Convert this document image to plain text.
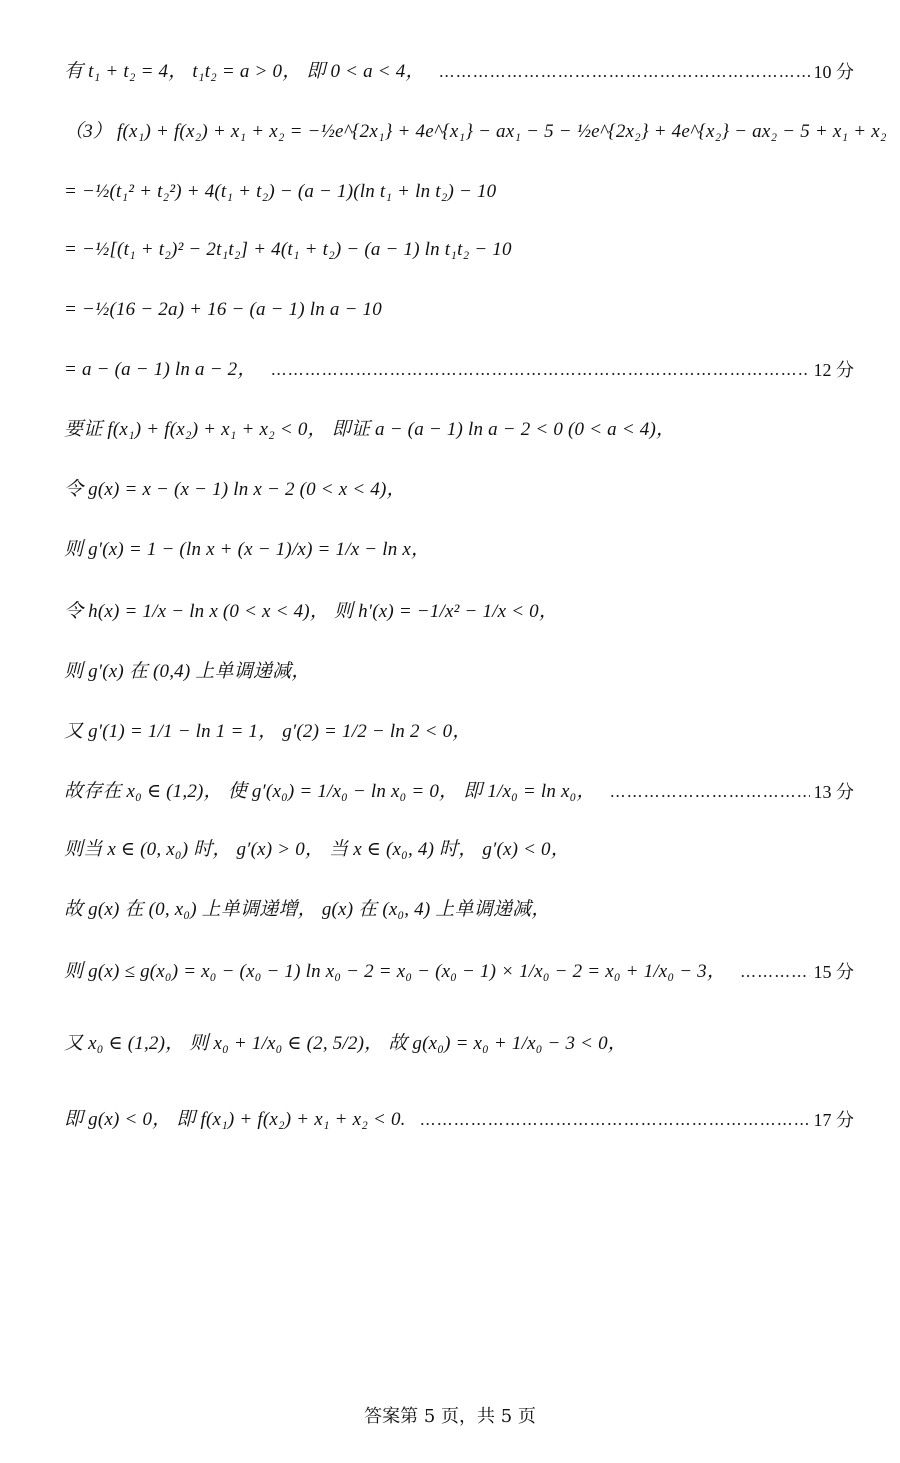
有 t₁ + t₂ = 4， t₁t₂ = a > 0， 即 0 < a < 4， ………………………………………………………………………………………………………………………………………………	10 分
（3） f(x₁) + f(x₂) + x₁ + x₂ = −½e^{2x₁} + 4e^{x₁} − ax₁ − 5 − ½e^{2x₂} + 4e^{x₂} − ax₂ − 5 + x₁ + x₂
= −½(t₁² + t₂²) + 4(t₁ + t₂) − (a − 1)(ln t₁ + ln t₂) − 10
= −½[(t₁ + t₂)² − 2t₁t₂] + 4(t₁ + t₂) − (a − 1) ln t₁t₂ − 10
= −½(16 − 2a) + 16 − (a − 1) ln a − 10
= a − (a − 1) ln a − 2， ………………………………………………………………………………………………………………………………………………	12 分
要证 f(x₁) + f(x₂) + x₁ + x₂ < 0， 即证 a − (a − 1) ln a − 2 < 0 (0 < a < 4)，
令 g(x) = x − (x − 1) ln x − 2 (0 < x < 4)，
则 g′(x) = 1 − (ln x + (x − 1)/x) = 1/x − ln x，
令 h(x) = 1/x − ln x (0 < x < 4)， 则 h′(x) = −1/x² − 1/x < 0，
则 g′(x) 在 (0,4) 上单调递减，
又 g′(1) = 1/1 − ln 1 = 1， g′(2) = 1/2 − ln 2 < 0，
故存在 x₀ ∈ (1,2)， 使 g′(x₀) = 1/x₀ − ln x₀ = 0， 即 1/x₀ = ln x₀， ………………………………………………………………………………………………………………………………………………	13 分
则当 x ∈ (0, x₀) 时， g′(x) > 0， 当 x ∈ (x₀, 4) 时， g′(x) < 0，
故 g(x) 在 (0, x₀) 上单调递增， g(x) 在 (x₀, 4) 上单调递减，
则 g(x) ≤ g(x₀) = x₀ − (x₀ − 1) ln x₀ − 2 = x₀ − (x₀ − 1) × 1/x₀ − 2 = x₀ + 1/x₀ − 3， ………………………………………………………………………………………………………………………………………………	15 分
又 x₀ ∈ (1,2)， 则 x₀ + 1/x₀ ∈ (2, 5/2)， 故 g(x₀) = x₀ + 1/x₀ − 3 < 0，
即 g(x) < 0， 即 f(x₁) + f(x₂) + x₁ + x₂ < 0. ………………………………………………………………………………………………………………………………………………	17 分
答案第 5 页，共 5 页
